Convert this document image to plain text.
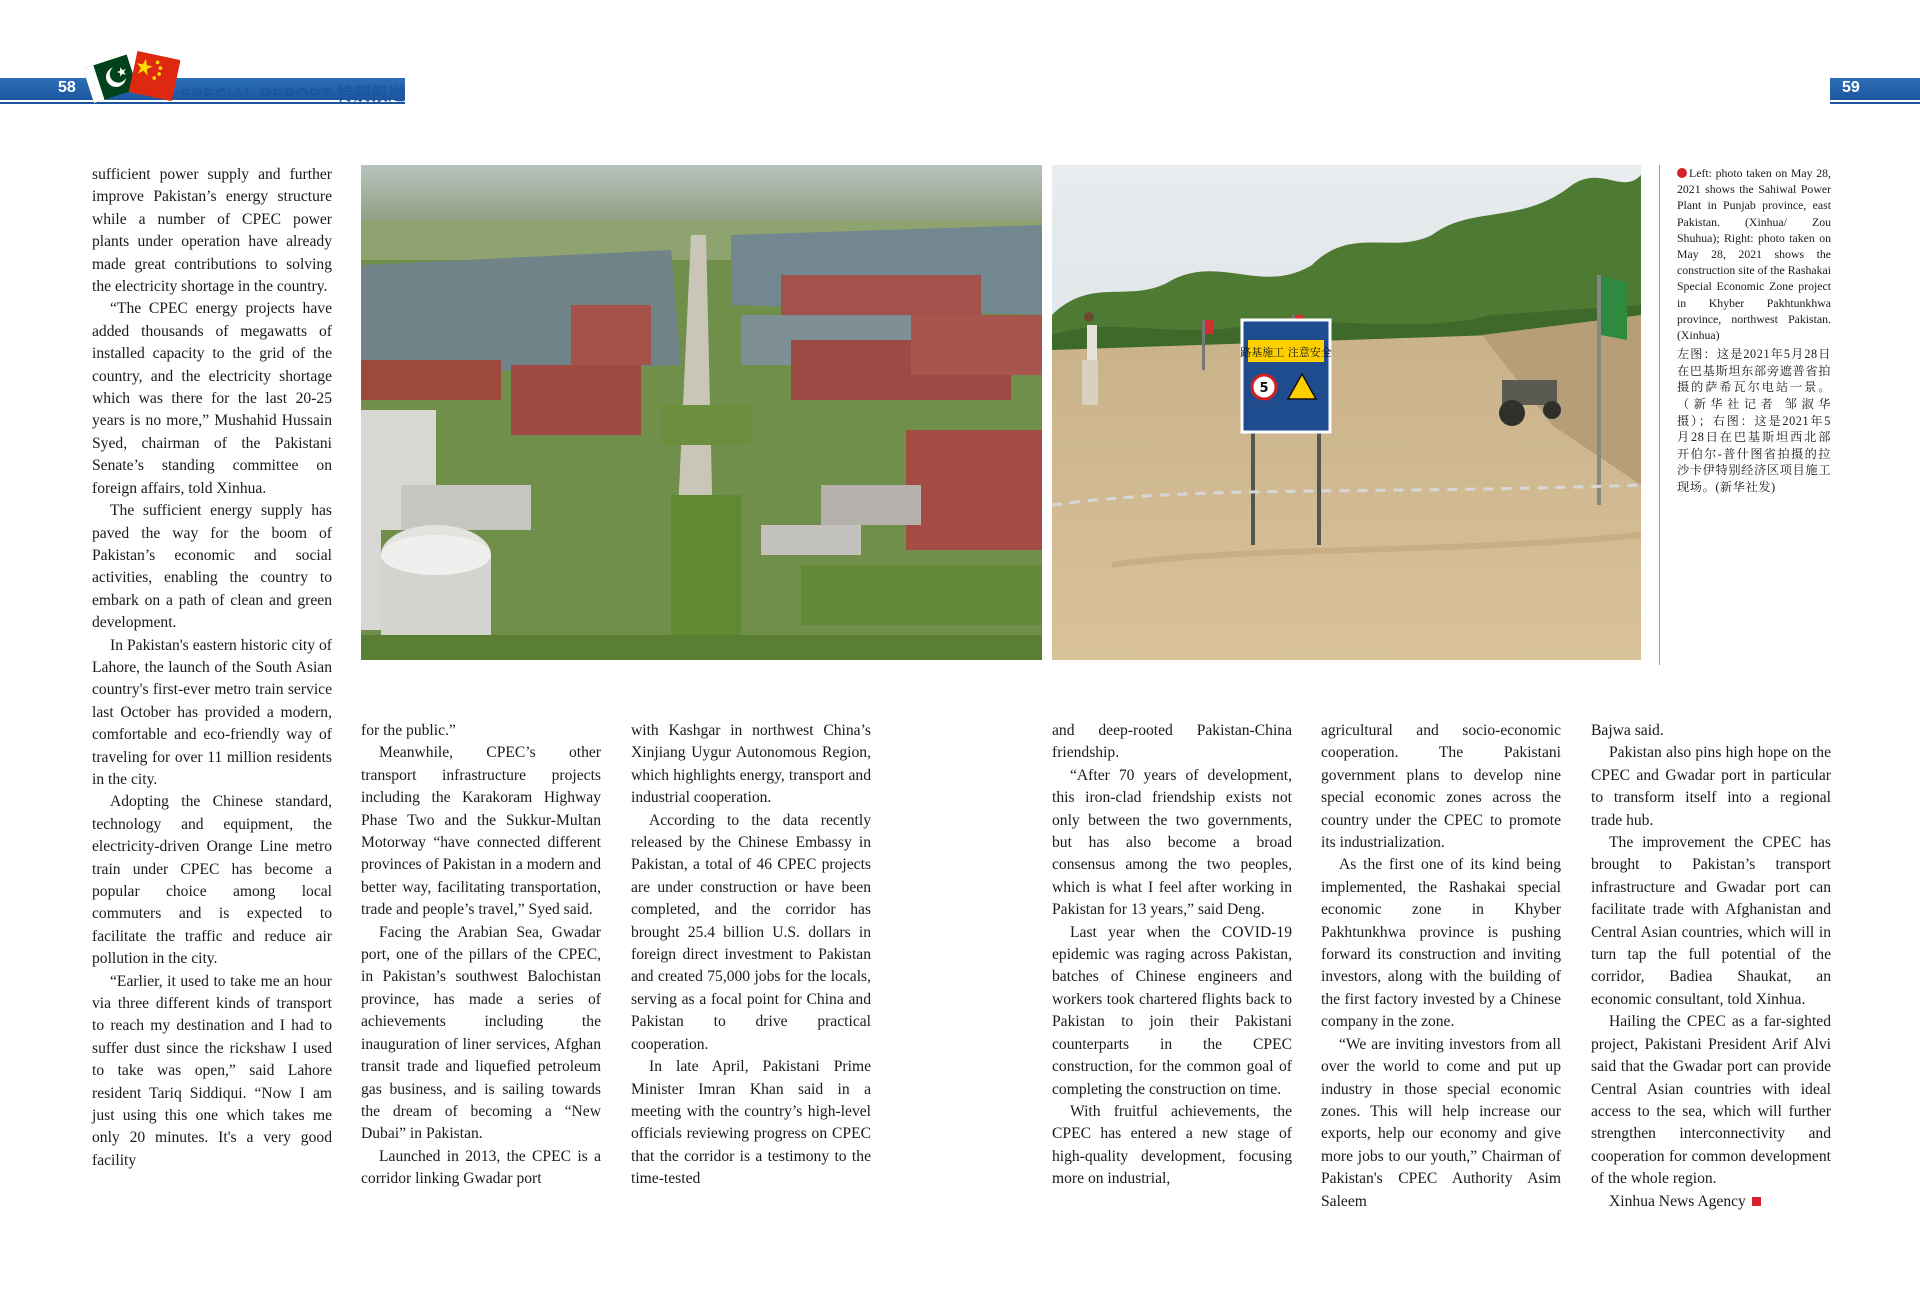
58	59
SPECIAL REPORT 特别报道
路基施工 注意安全
5
Left: photo taken on May 28, 2021 shows the Sahiwal Power Plant in Punjab province, east Pakistan. (Xinhua/ Zou Shuhua); Right: photo taken on May 28, 2021 shows the construction site of the Rashakai Special Economic Zone project in Khyber Pakhtunkhwa province, northwest Pakistan. (Xinhua)
左图：这是2021年5月28日在巴基斯坦东部旁遮普省拍摄的萨希瓦尔电站一景。（新华社记者 邹淑华 摄）；右图：这是2021年5月28日在巴基斯坦西北部开伯尔-普什图省拍摄的拉沙卡伊特别经济区项目施工现场。(新华社发)

sufficient power supply and further improve Pakistan’s energy structure while a number of CPEC power plants under operation have already made great contributions to solving the electricity shortage in the country.

“The CPEC energy projects have added thousands of megawatts of installed capacity to the grid of the country, and the electricity shortage which was there for the last 20-25 years is no more,” Mushahid Hussain Syed, chairman of the Pakistani Senate’s standing committee on foreign affairs, told Xinhua.

The sufficient energy supply has paved the way for the boom of Pakistan’s economic and social activities, enabling the country to embark on a path of clean and green development.

In Pakistan's eastern historic city of Lahore, the launch of the South Asian country's first-ever metro train service last October has provided a modern, comfortable and eco-friendly way of traveling for over 11 million residents in the city.

Adopting the Chinese standard, technology and equipment, the electricity-driven Orange Line metro train under CPEC has become a popular choice among local commuters and is expected to facilitate the traffic and reduce air pollution in the city.

“Earlier, it used to take me an hour via three different kinds of transport to reach my destination and I had to suffer dust since the rickshaw I used to take was open,” said Lahore resident Tariq Siddiqui. “Now I am just using this one which takes me only 20 minutes. It's a very good facility

for the public.”

Meanwhile, CPEC’s other transport infrastructure projects including the Karakoram Highway Phase Two and the Sukkur-Multan Motorway “have connected different provinces of Pakistan in a modern and better way, facilitating transportation, trade and people’s travel,” Syed said.

Facing the Arabian Sea, Gwadar port, one of the pillars of the CPEC, in Pakistan’s southwest Balochistan province, has made a series of achievements including the inauguration of liner services, Afghan transit trade and liquefied petroleum gas business, and is sailing towards the dream of becoming a “New Dubai” in Pakistan.

Launched in 2013, the CPEC is a corridor linking Gwadar port

with Kashgar in northwest China’s Xinjiang Uygur Autonomous Region, which highlights energy, transport and industrial cooperation.

According to the data recently released by the Chinese Embassy in Pakistan, a total of 46 CPEC projects are under construction or have been completed, and the corridor has brought 25.4 billion U.S. dollars in foreign direct investment to Pakistan and created 75,000 jobs for the locals, serving as a focal point for China and Pakistan to drive practical cooperation.

In late April, Pakistani Prime Minister Imran Khan said in a meeting with the country’s high-level officials reviewing progress on CPEC that the corridor is a testimony to the time-tested

and deep-rooted Pakistan-China friendship.

“After 70 years of development, this iron-clad friendship exists not only between the two governments, but has also become a broad consensus among the two peoples, which is what I feel after working in Pakistan for 13 years,” said Deng.

Last year when the COVID-19 epidemic was raging across Pakistan, batches of Chinese engineers and workers took chartered flights back to Pakistan to join their Pakistani counterparts in the CPEC construction, for the common goal of completing the construction on time.

With fruitful achievements, the CPEC has entered a new stage of high-quality development, focusing more on industrial,

agricultural and socio-economic cooperation. The Pakistani government plans to develop nine special economic zones across the country under the CPEC to promote its industrialization.

As the first one of its kind being implemented, the Rashakai special economic zone in Khyber Pakhtunkhwa province is pushing forward its construction and inviting investors, along with the building of the first factory invested by a Chinese company in the zone.

“We are inviting investors from all over the world to come and put up industry in those special economic zones. This will help increase our exports, help our economy and give more jobs to our youth,” Chairman of Pakistan's CPEC Authority Asim Saleem

Bajwa said.

Pakistan also pins high hope on the CPEC and Gwadar port in particular to transform itself into a regional trade hub.

The improvement the CPEC has brought to Pakistan’s transport infrastructure and Gwadar port can facilitate trade with Afghanistan and Central Asian countries, which will in turn tap the full potential of the corridor, Badiea Shaukat, an economic consultant, told Xinhua.

Hailing the CPEC as a far-sighted project, Pakistani President Arif Alvi said that the Gwadar port can provide Central Asian countries with ideal access to the sea, which will further strengthen interconnectivity and cooperation for common development of the whole region.

Xinhua News Agency
